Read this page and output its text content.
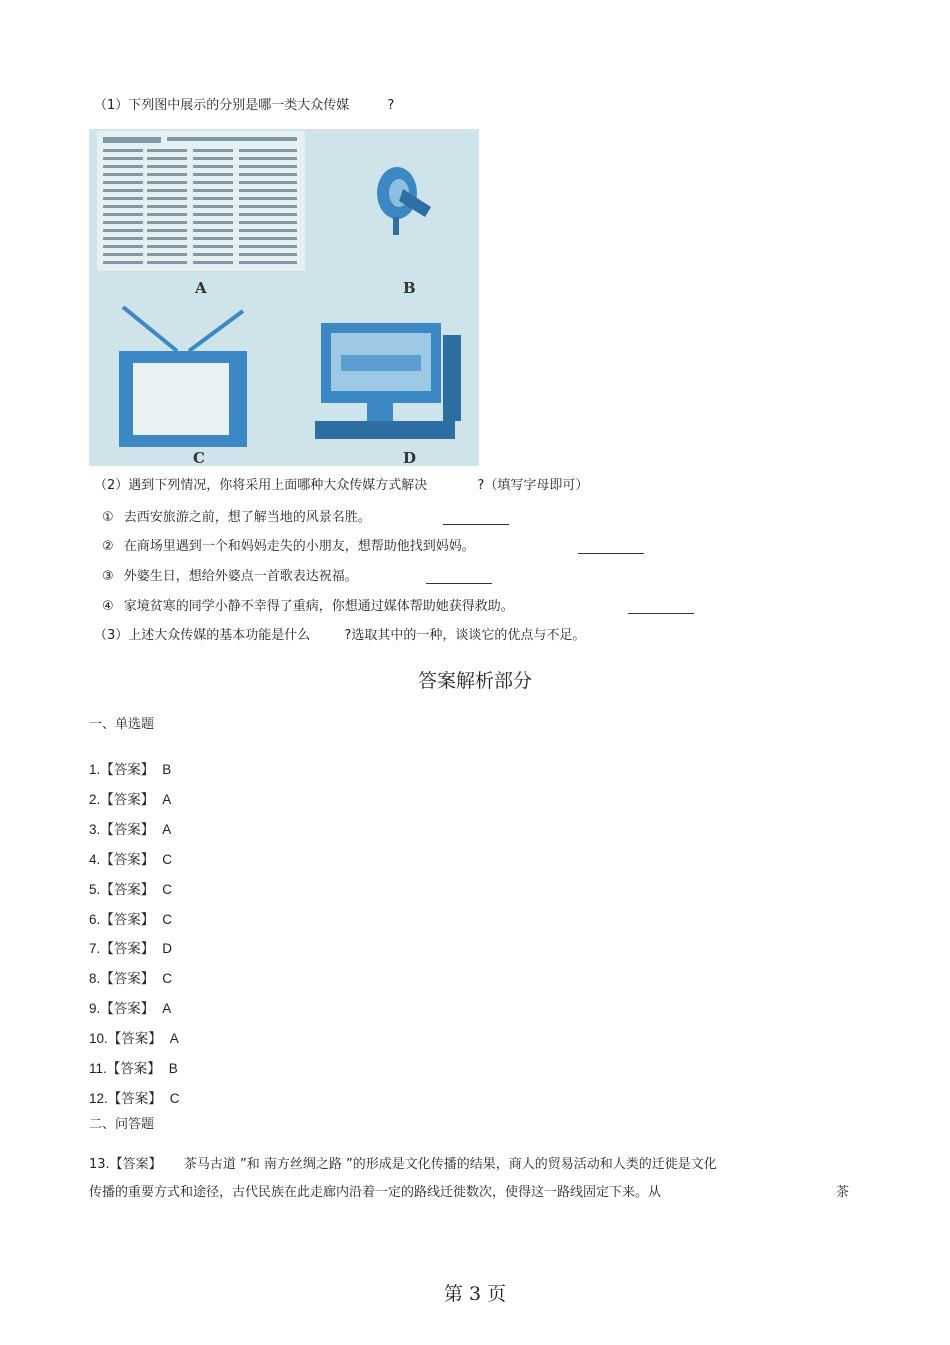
（1）下列图中展示的分别是哪一类大众传媒	?
A	B
C	D
（2）遇到下列情况，你将采用上面哪种大众传媒方式解决	?（填写字母即可）
① 去西安旅游之前，想了解当地的风景名胜。
② 在商场里遇到一个和妈妈走失的小朋友，想帮助他找到妈妈。
③ 外婆生日，想给外婆点一首歌表达祝福。
④ 家境贫寒的同学小静不幸得了重病，你想通过媒体帮助她获得救助。
（3）上述大众传媒的基本功能是什么	?选取其中的一种，谈谈它的优点与不足。
答案解析部分
一、单选题
1.【答案】 B
2.【答案】 A
3.【答案】 A
4.【答案】 C
5.【答案】 C
6.【答案】 C
7.【答案】 D
8.【答案】 C
9.【答案】 A
10.【答案】 A
11.【答案】 B
12.【答案】 C
二、问答题
13.【答案】 茶马古道 ”和 南方丝绸之路 ”的形成是文化传播的结果，商人的贸易活动和人类的迁徙是文化
传播的重要方式和途径，古代民族在此走廊内沿着一定的路线迁徙数次，使得这一路线固定下来。从	茶
第 3 页
